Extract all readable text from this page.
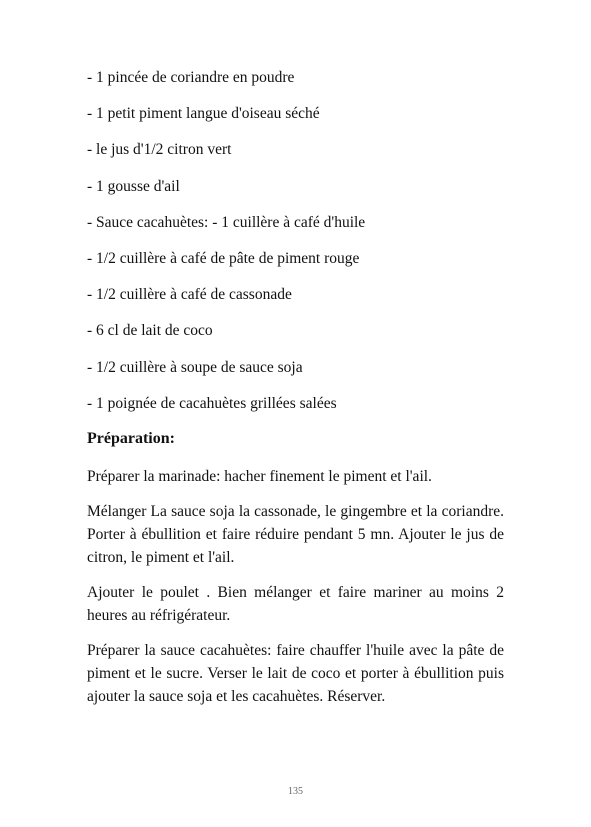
- 1 pincée de coriandre en poudre
- 1 petit piment langue d'oiseau séché
- le jus d'1/2 citron vert
- 1 gousse d'ail
- Sauce cacahuètes: - 1 cuillère à café d'huile
- 1/2 cuillère à café de pâte de piment rouge
- 1/2 cuillère à café de cassonade
- 6 cl de lait de coco
- 1/2 cuillère à soupe de sauce soja
- 1 poignée de cacahuètes grillées salées
Préparation:

Préparer la marinade: hacher finement le piment et l'ail.

Mélanger La sauce soja la cassonade, le gingembre et la coriandre. Porter à ébullition et faire réduire pendant 5 mn. Ajouter le jus de citron, le piment et l'ail.

Ajouter le poulet . Bien mélanger et faire mariner au moins 2 heures au réfrigérateur.

Préparer la sauce cacahuètes: faire chauffer l'huile avec la pâte de piment et le sucre. Verser le lait de coco et porter à ébullition puis ajouter la sauce soja et les cacahuètes. Réserver.

135
